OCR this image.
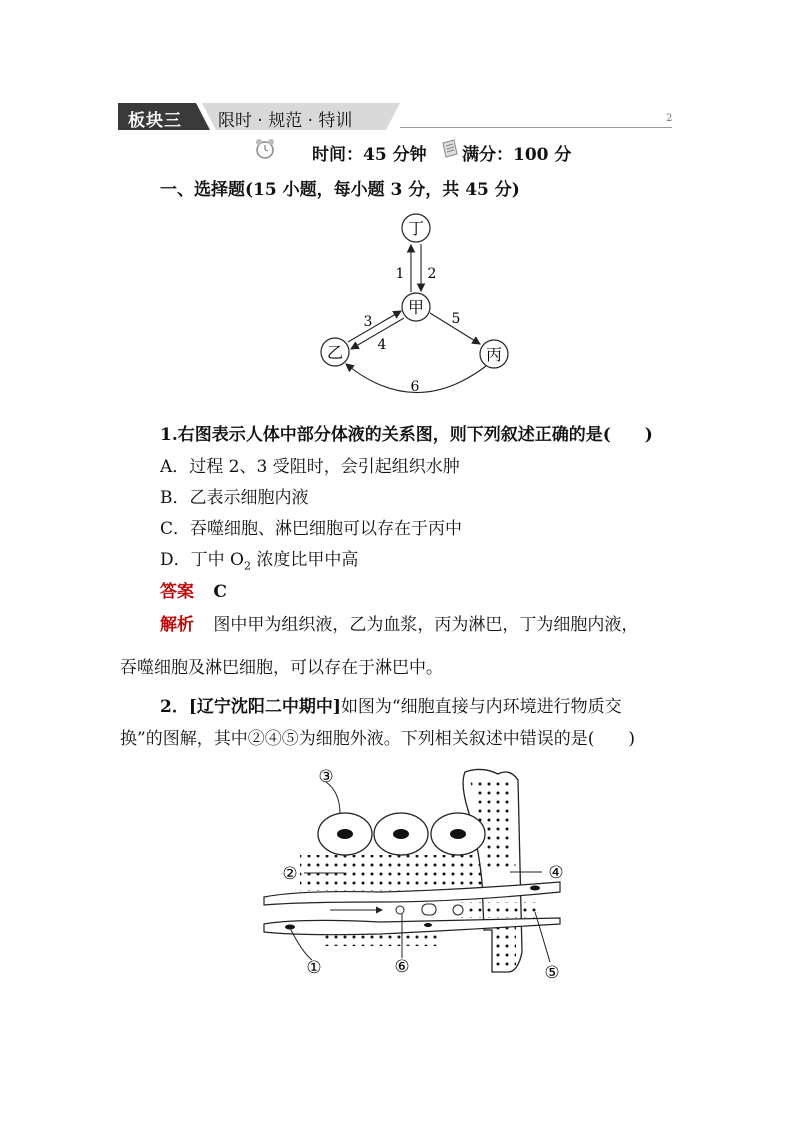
板块三 限时 · 规范 · 特训	2
时间：45 分钟 满分：100 分
一、选择题(15 小题，每小题 3 分，共 45 分)
丁
甲
乙	丙
1 2
3
4
5
6
1.右图表示人体中部分体液的关系图，则下列叙述正确的是(　　)
A．过程 2、3 受阻时，会引起组织水肿
B．乙表示细胞内液
C．吞噬细胞、淋巴细胞可以存在于丙中
D．丁中 $O_2$ 浓度比甲中高
答案 C
解析 图中甲为组织液，乙为血浆，丙为淋巴，丁为细胞内液，
吞噬细胞及淋巴细胞，可以存在于淋巴中。
2．[辽宁沈阳二中期中]如图为“细胞直接与内环境进行物质交
换”的图解，其中②④⑤为细胞外液。下列相关叙述中错误的是(　　)
③
②	④
①	⑥	⑤
